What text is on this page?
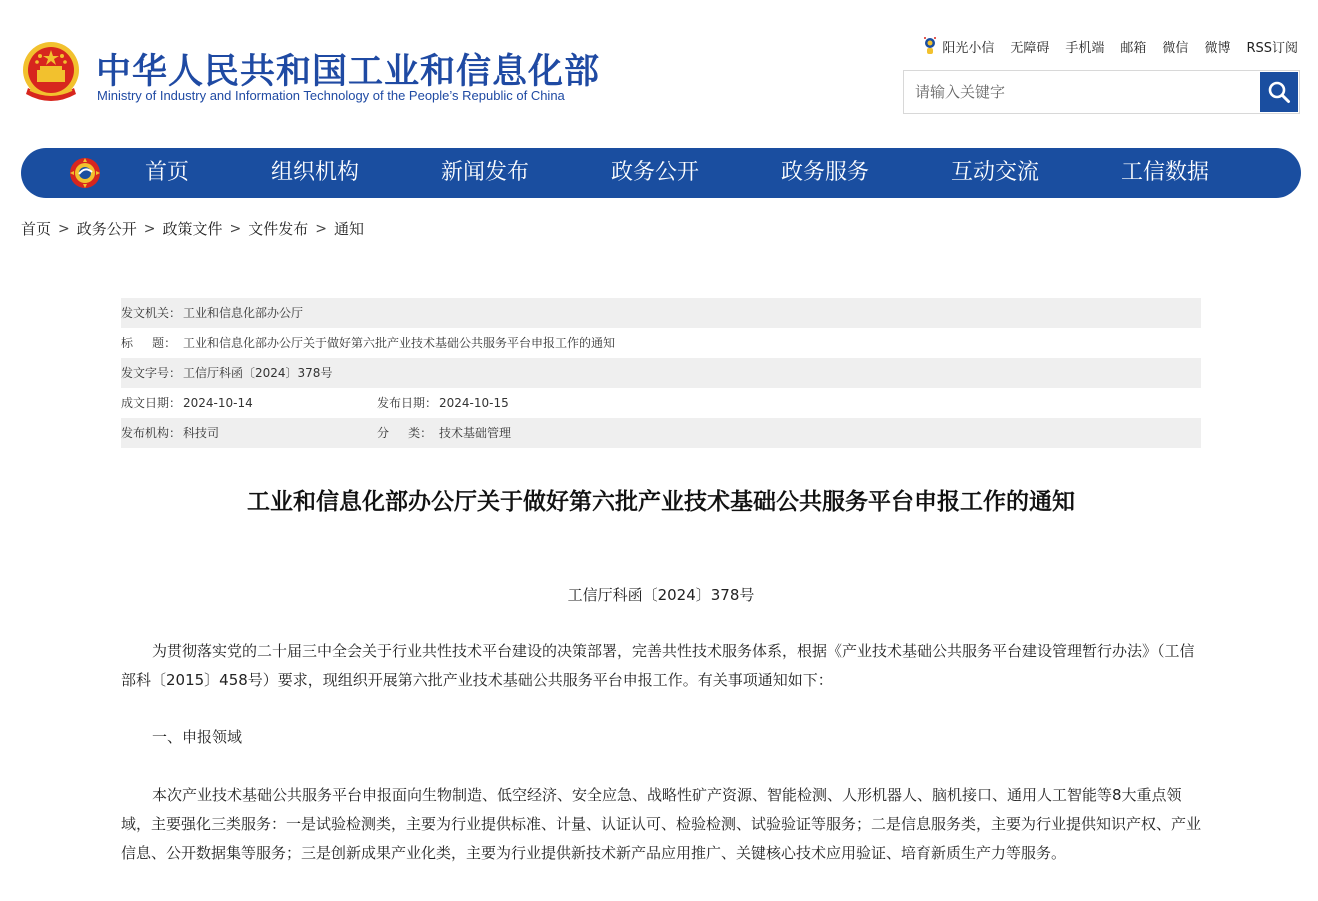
中华人民共和国工业和信息化部
Ministry of Industry and Information Technology of the People’s Republic of China
阳光小信 无障碍 手机端 邮箱 微信 微博 RSS订阅
请输入关键字
首页	组织机构	新闻发布	政务公开	政务服务	互动交流	工信数据
首页 > 政务公开 > 政策文件 > 文件发布 > 通知
发文机关： 工业和信息化部办公厅
标     题： 工业和信息化部办公厅关于做好第六批产业技术基础公共服务平台申报工作的通知
发文字号： 工信厅科函〔2024〕378号
成文日期： 2024-10-14	发布日期： 2024-10-15
发布机构： 科技司	分     类： 技术基础管理
工业和信息化部办公厅关于做好第六批产业技术基础公共服务平台申报工作的通知
工信厅科函〔2024〕378号

为贯彻落实党的二十届三中全会关于行业共性技术平台建设的决策部署，完善共性技术服务体系，根据《产业技术基础公共服务平台建设管理暂行办法》（工信部科〔2015〕458号）要求，现组织开展第六批产业技术基础公共服务平台申报工作。有关事项通知如下：

一、申报领域

本次产业技术基础公共服务平台申报面向生物制造、低空经济、安全应急、战略性矿产资源、智能检测、人形机器人、脑机接口、通用人工智能等8大重点领域，主要强化三类服务：一是试验检测类，主要为行业提供标准、计量、认证认可、检验检测、试验验证等服务；二是信息服务类，主要为行业提供知识产权、产业信息、公开数据集等服务；三是创新成果产业化类，主要为行业提供新技术新产品应用推广、关键核心技术应用验证、培育新质生产力等服务。
